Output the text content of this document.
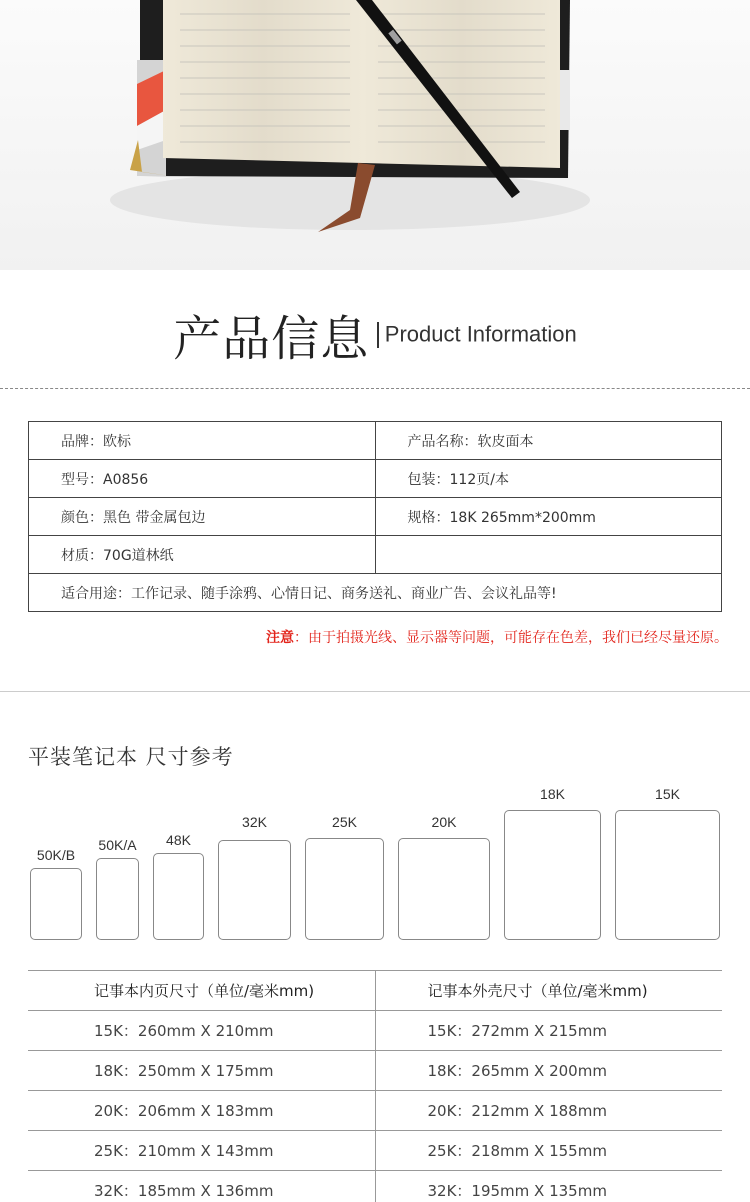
产品信息 Product Information
品牌：欧标	产品名称：软皮面本
型号：A0856	包装：112页/本
颜色：黑色 带金属包边	规格：18K 265mm*200mm
材质：70G道林纸	
适合用途：工作记录、随手涂鸦、心情日记、商务送礼、商业广告、会议礼品等!	
注意：由于拍摄光线、显示器等问题，可能存在色差，我们已经尽量还原。
平装笔记本 尺寸参考
50K/B
50K/A	48K
32K	25K	20K
18K	15K
记事本内页尺寸（单位/毫米mm)	记事本外壳尺寸（单位/毫米mm)
15K：260mm X 210mm	15K：272mm X 215mm
18K：250mm X 175mm	18K：265mm X 200mm
20K：206mm X 183mm	20K：212mm X 188mm
25K：210mm X 143mm	25K：218mm X 155mm
32K：185mm X 136mm	32K：195mm X 135mm
